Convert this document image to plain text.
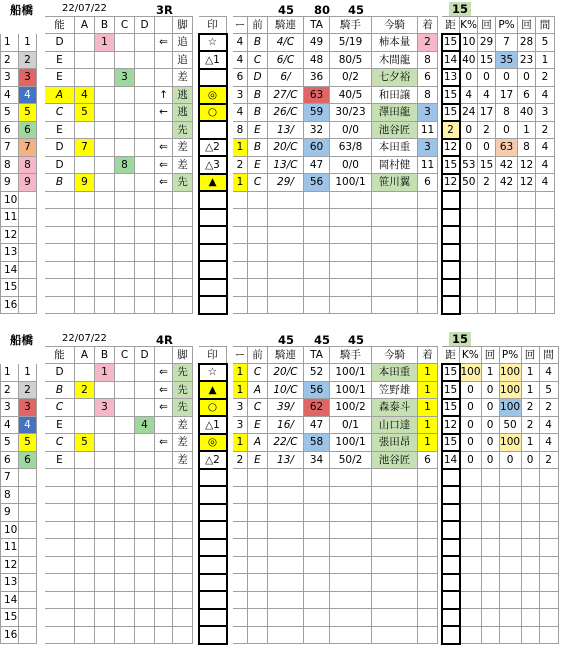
船橋	22/07/22	3R	45 80 45	15
			能	A	B	C	D		脚		印		ー	前	騎連	TA	騎手	今騎	着		距	K%	回	P%	回	間
1	1		D		1			⇐	追		☆		4	B	4/C	49	5/19	柿本量	2		15	10	29	7	28	5
2	2		E						追		△1		4	C	6/C	48	80/5	木間龍	8		14	40	15	35	23	1
3	3		E			3			差				6	D	6/	36	0/2	七夕裕	6		13	0	0	0	0	2
4	4		A	4				↑	逃		◎		3	B	27/C	63	40/5	和田譲	8		15	4	4	17	6	4
5	5		C	5				←	逃		○		4	B	26/C	59	30/23	澤田龍	3		15	24	17	8	40	3
6	6		E						先				8	E	13/	32	0/0	池谷匠	11		2	0	2	0	1	2
7	7		D	7				⇐	差		△2		1	B	20/C	60	63/8	本田重	3		12	0	0	63	8	4
8	8		D			8		⇐	差		△3		2	E	13/C	47	0/0	岡村健	11		15	53	15	42	12	4
9	9		B	9				⇐	先		▲		1	C	29/	56	100/1	笹川翼	6		12	50	2	42	12	4
10																										
11																										
12																										
13																										
14																										
15																										
16																										
船橋	22/07/22	4R	45 45 45	15
			能	A	B	C	D		脚		印		ー	前	騎連	TA	騎手	今騎	着		距	K%	回	P%	回	間
1	1		D		1			⇐	先		☆		1	C	20/C	52	100/1	本田重	1		15	100	1	100	1	4
2	2		B	2				⇐	先		▲		1	A	10/C	56	100/1	笠野雄	1		15	0	0	100	1	5
3	3		C		3			⇐	先		○		3	C	39/	62	100/2	森泰斗	1		15	0	0	100	2	2
4	4		E				4		差		△1		3	E	16/	47	0/1	山口達	1		12	0	0	50	2	4
5	5		C	5				⇐	差		◎		1	A	22/C	58	100/1	張田昂	1		15	0	0	100	1	4
6	6		E						差		△2		2	E	13/	34	50/2	池谷匠	6		14	0	0	0	0	2
7																										
8																										
9																										
10																										
11																										
12																										
13																										
14																										
15																										
16																										
